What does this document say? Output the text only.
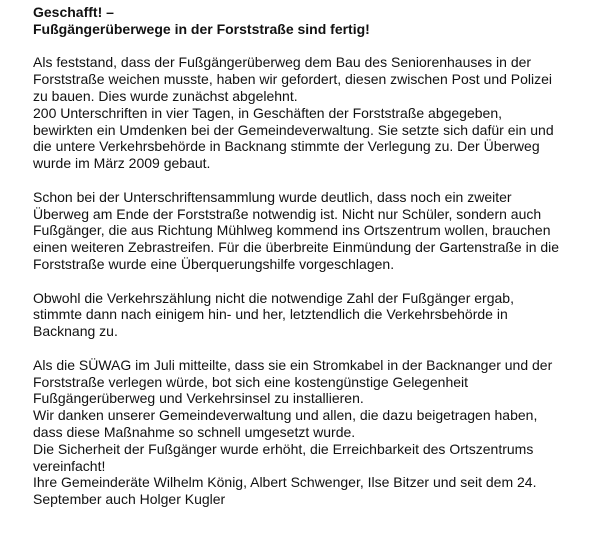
Geschafft! –
Fußgängerüberwege in der Forststraße sind fertig!
Als feststand, dass der Fußgängerüberweg dem Bau des Seniorenhauses in der
Forststraße weichen musste, haben wir gefordert, diesen zwischen Post und Polizei
zu bauen. Dies wurde zunächst abgelehnt.
200 Unterschriften in vier Tagen, in Geschäften der Forststraße abgegeben,
bewirkten ein Umdenken bei der Gemeindeverwaltung. Sie setzte sich dafür ein und
die untere Verkehrsbehörde in Backnang stimmte der Verlegung zu. Der Überweg
wurde im März 2009 gebaut.
Schon bei der Unterschriftensammlung wurde deutlich, dass noch ein zweiter
Überweg am Ende der Forststraße notwendig ist. Nicht nur Schüler, sondern auch
Fußgänger, die aus Richtung Mühlweg kommend ins Ortszentrum wollen, brauchen
einen weiteren Zebrastreifen. Für die überbreite Einmündung der Gartenstraße in die
Forststraße wurde eine Überquerungshilfe vorgeschlagen.
Obwohl die Verkehrszählung nicht die notwendige Zahl der Fußgänger ergab,
stimmte dann nach einigem hin- und her, letztendlich die Verkehrsbehörde in
Backnang zu.
Als die SÜWAG im Juli mitteilte, dass sie ein Stromkabel in der Backnanger und der
Forststraße verlegen würde, bot sich eine kostengünstige Gelegenheit
Fußgängerüberweg und Verkehrsinsel zu installieren.
Wir danken unserer Gemeindeverwaltung und allen, die dazu beigetragen haben,
dass diese Maßnahme so schnell umgesetzt wurde.
Die Sicherheit der Fußgänger wurde erhöht, die Erreichbarkeit des Ortszentrums
vereinfacht!
Ihre Gemeinderäte Wilhelm König, Albert Schwenger, Ilse Bitzer und seit dem 24.
September auch Holger Kugler
